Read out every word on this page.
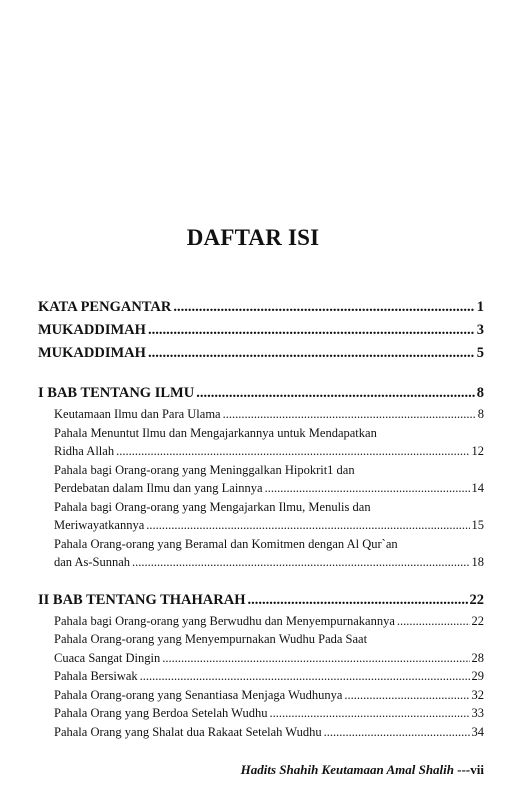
DAFTAR ISI
KATA PENGANTAR .....	1
MUKADDIMAH .....	3
MUKADDIMAH .....	5
I BAB TENTANG ILMU .....	8
Keutamaan Ilmu dan Para Ulama .....	8
Pahala Menuntut Ilmu dan Mengajarkannya untuk Mendapatkan
Ridha Allah .....	12
Pahala bagi Orang-orang yang Meninggalkan Hipokrit1 dan
Perdebatan dalam Ilmu dan yang Lainnya .....	14
Pahala bagi Orang-orang yang Mengajarkan Ilmu, Menulis dan
Meriwayatkannya .....	15
Pahala Orang-orang yang Beramal dan Komitmen dengan Al Qur`an
dan As-Sunnah .....	18
II BAB TENTANG THAHARAH .....	22
Pahala bagi Orang-orang yang Berwudhu dan Menyempurnakannya .....	22
Pahala Orang-orang yang Menyempurnakan Wudhu Pada Saat
Cuaca Sangat Dingin .....	28
Pahala Bersiwak .....	29
Pahala Orang-orang yang Senantiasa Menjaga Wudhunya .....	32
Pahala Orang yang Berdoa Setelah Wudhu .....	33
Pahala Orang yang Shalat dua Rakaat Setelah Wudhu .....	34
Hadits Shahih Keutamaan Amal Shalih ---vii
